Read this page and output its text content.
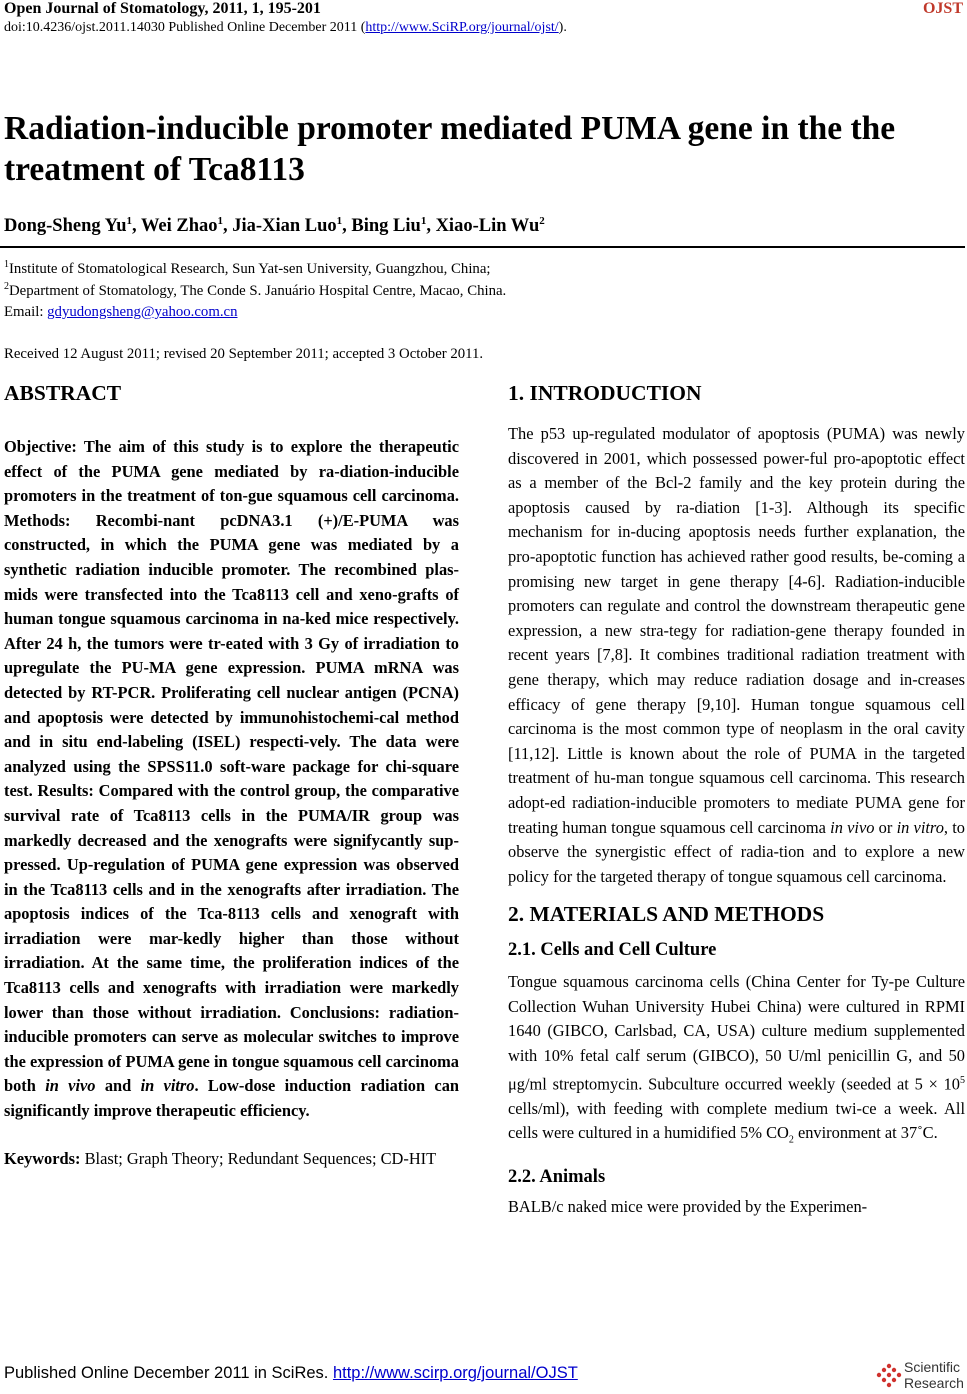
Open Journal of Stomatology, 2011, 1, 195-201	OJST
doi:10.4236/ojst.2011.14030 Published Online December 2011 (http://www.SciRP.org/journal/ojst/).
Radiation-inducible promoter mediated PUMA gene in the the
treatment of Tca8113
Dong-Sheng Yu$^1$, Wei Zhao$^1$, Jia-Xian Luo$^1$, Bing Liu$^1$, Xiao-Lin Wu$^2$
$^1$Institute of Stomatological Research, Sun Yat-sen University, Guangzhou, China;
$^2$Department of Stomatology, The Conde S. Januário Hospital Centre, Macao, China.
Email: gdyudongsheng@yahoo.com.cn
Received 12 August 2011; revised 20 September 2011; accepted 3 October 2011.
ABSTRACT
Objective: The aim of this study is to explore the therapeutic effect of the PUMA gene mediated by ra-diation-inducible promoters in the treatment of ton-gue squamous cell carcinoma. Methods: Recombi-nant pcDNA3.1 (+)/E-PUMA was constructed, in which the PUMA gene was mediated by a synthetic radiation inducible promoter. The recombined plas-mids were transfected into the Tca8113 cell and xeno-grafts of human tongue squamous carcinoma in na-ked mice respectively. After 24 h, the tumors were tr-eated with 3 Gy of irradiation to upregulate the PU-MA gene expression. PUMA mRNA was detected by RT-PCR. Proliferating cell nuclear antigen (PCNA) and apoptosis were detected by immunohistochemi-cal method and in situ end-labeling (ISEL) respecti-vely. The data were analyzed using the SPSS11.0 soft-ware package for chi-square test. Results: Compared with the control group, the comparative survival rate of Tca8113 cells in the PUMA/IR group was markedly decreased and the xenografts were signifycantly sup-pressed. Up-regulation of PUMA gene expression was observed in the Tca8113 cells and in the xenografts after irradiation. The apoptosis indices of the Tca-8113 cells and xenograft with irradiation were mar-kedly higher than those without irradiation. At the same time, the proliferation indices of the Tca8113 cells and xenografts with irradiation were markedly lower than those without irradiation. Conclusions: radiation-inducible promoters can serve as molecular switches to improve the expression of PUMA gene in tongue squamous cell carcinoma both in vivo and in vitro. Low-dose induction radiation can significantly improve therapeutic efficiency.
Keywords: Blast; Graph Theory; Redundant Sequences; CD-HIT
1. INTRODUCTION

The p53 up-regulated modulator of apoptosis (PUMA) was newly discovered in 2001, which possessed power-ful pro-apoptotic effect as a member of the Bcl-2 family and the key protein during the apoptosis caused by ra-diation [1-3]. Although its specific mechanism for in-ducing apoptosis needs further explanation, the pro-apoptotic function has achieved rather good results, be-coming a promising new target in gene therapy [4-6]. Radiation-inducible promoters can regulate and control the downstream therapeutic gene expression, a new stra-tegy for radiation-gene therapy founded in recent years [7,8]. It combines traditional radiation treatment with gene therapy, which may reduce radiation dosage and in-creases efficacy of gene therapy [9,10]. Human tongue squamous cell carcinoma is the most common type of neoplasm in the oral cavity [11,12]. Little is known about the role of PUMA in the targeted treatment of hu-man tongue squamous cell carcinoma. This research adopt-ed radiation-inducible promoters to mediate PUMA gene for treating human tongue squamous cell carcinoma in vivo or in vitro, to observe the synergistic effect of radia-tion and to explore a new policy for the targeted therapy of tongue squamous cell carcinoma.

2. MATERIALS AND METHODS
2.1. Cells and Cell Culture

Tongue squamous carcinoma cells (China Center for Ty-pe Culture Collection Wuhan University Hubei China) were cultured in RPMI 1640 (GIBCO, Carlsbad, CA, USA) culture medium supplemented with 10% fetal calf serum (GIBCO), 50 U/ml penicillin G, and 50 μg/ml streptomycin. Subculture occurred weekly (seeded at $5 \times 10^5$ cells/ml), with feeding with complete medium twi-ce a week. All cells were cultured in a humidified 5% $CO_2$ environment at 37˚C.

2.2. Animals

BALB/c naked mice were provided by the Experimen-

Published Online December 2011 in SciRes. http://www.scirp.org/journal/OJST	Scientific
Research
